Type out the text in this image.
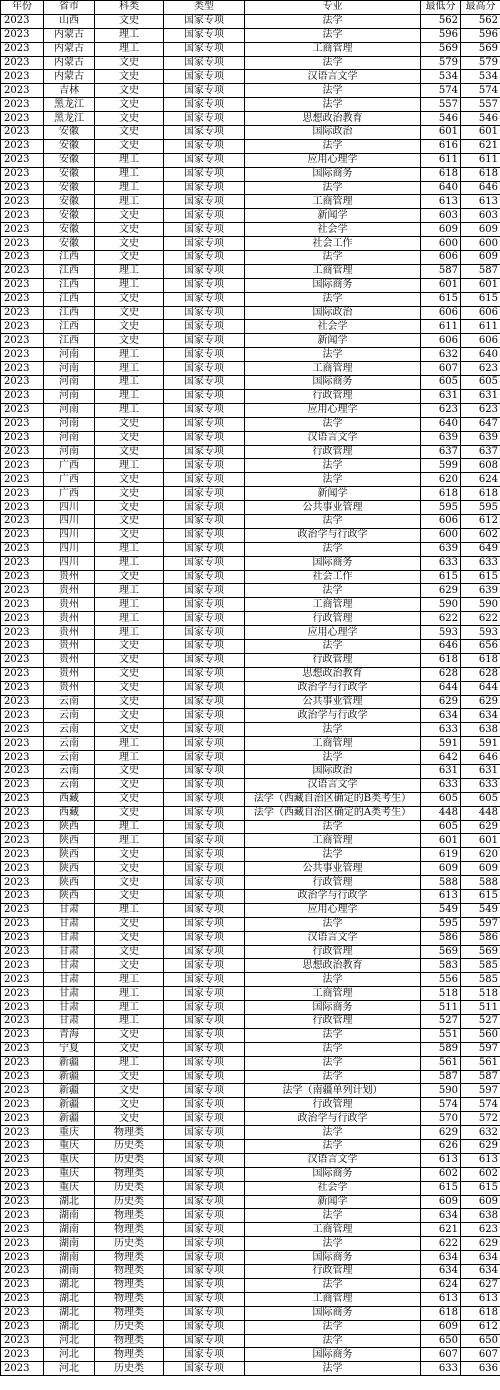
年份	省市	科类	类型	专业	最低分	最高分
2023	山西	文史	国家专项	法学	562	562
2023	内蒙古	理工	国家专项	法学	596	596
2023	内蒙古	理工	国家专项	工商管理	569	569
2023	内蒙古	文史	国家专项	法学	579	579
2023	内蒙古	文史	国家专项	汉语言文学	534	534
2023	吉林	文史	国家专项	法学	574	574
2023	黑龙江	文史	国家专项	法学	557	557
2023	黑龙江	文史	国家专项	思想政治教育	546	546
2023	安徽	文史	国家专项	国际政治	601	601
2023	安徽	文史	国家专项	法学	616	621
2023	安徽	理工	国家专项	应用心理学	611	611
2023	安徽	理工	国家专项	国际商务	618	618
2023	安徽	理工	国家专项	法学	640	646
2023	安徽	理工	国家专项	工商管理	613	613
2023	安徽	文史	国家专项	新闻学	603	603
2023	安徽	文史	国家专项	社会学	609	609
2023	安徽	文史	国家专项	社会工作	600	600
2023	江西	文史	国家专项	法学	606	609
2023	江西	理工	国家专项	工商管理	587	587
2023	江西	理工	国家专项	国际商务	601	601
2023	江西	文史	国家专项	法学	615	615
2023	江西	文史	国家专项	国际政治	606	606
2023	江西	文史	国家专项	社会学	611	611
2023	江西	文史	国家专项	新闻学	606	606
2023	河南	理工	国家专项	法学	632	640
2023	河南	理工	国家专项	工商管理	607	623
2023	河南	理工	国家专项	国际商务	605	605
2023	河南	理工	国家专项	行政管理	631	631
2023	河南	理工	国家专项	应用心理学	623	623
2023	河南	文史	国家专项	法学	640	647
2023	河南	文史	国家专项	汉语言文学	639	639
2023	河南	文史	国家专项	行政管理	637	637
2023	广西	理工	国家专项	法学	599	608
2023	广西	文史	国家专项	法学	620	624
2023	广西	文史	国家专项	新闻学	618	618
2023	四川	文史	国家专项	公共事业管理	595	595
2023	四川	文史	国家专项	法学	606	612
2023	四川	文史	国家专项	政治学与行政学	600	602
2023	四川	理工	国家专项	法学	639	649
2023	四川	理工	国家专项	国际商务	633	633
2023	贵州	文史	国家专项	社会工作	615	615
2023	贵州	理工	国家专项	法学	629	639
2023	贵州	理工	国家专项	工商管理	590	590
2023	贵州	理工	国家专项	行政管理	622	622
2023	贵州	理工	国家专项	应用心理学	593	593
2023	贵州	文史	国家专项	法学	646	656
2023	贵州	文史	国家专项	行政管理	618	618
2023	贵州	文史	国家专项	思想政治教育	628	628
2023	贵州	文史	国家专项	政治学与行政学	644	644
2023	云南	文史	国家专项	公共事业管理	629	629
2023	云南	文史	国家专项	政治学与行政学	634	634
2023	云南	文史	国家专项	法学	633	638
2023	云南	理工	国家专项	工商管理	591	591
2023	云南	理工	国家专项	法学	642	646
2023	云南	文史	国家专项	国际政治	631	631
2023	云南	文史	国家专项	汉语言文学	633	633
2023	西藏	文史	国家专项	法学（西藏自治区确定的B类考生）	605	605
2023	西藏	文史	国家专项	法学（西藏自治区确定的A类考生）	448	448
2023	陕西	理工	国家专项	法学	605	629
2023	陕西	理工	国家专项	工商管理	601	601
2023	陕西	文史	国家专项	法学	619	620
2023	陕西	文史	国家专项	公共事业管理	609	609
2023	陕西	文史	国家专项	行政管理	588	588
2023	陕西	文史	国家专项	政治学与行政学	613	615
2023	甘肃	理工	国家专项	应用心理学	549	549
2023	甘肃	文史	国家专项	法学	595	597
2023	甘肃	文史	国家专项	汉语言文学	586	586
2023	甘肃	文史	国家专项	行政管理	569	569
2023	甘肃	文史	国家专项	思想政治教育	583	585
2023	甘肃	理工	国家专项	法学	556	585
2023	甘肃	理工	国家专项	工商管理	518	518
2023	甘肃	理工	国家专项	国际商务	511	511
2023	甘肃	理工	国家专项	行政管理	527	527
2023	青海	文史	国家专项	法学	551	560
2023	宁夏	文史	国家专项	法学	589	597
2023	新疆	理工	国家专项	法学	561	561
2023	新疆	文史	国家专项	法学	587	587
2023	新疆	文史	国家专项	法学（南疆单列计划）	590	597
2023	新疆	文史	国家专项	行政管理	574	574
2023	新疆	文史	国家专项	政治学与行政学	570	572
2023	重庆	物理类	国家专项	法学	629	632
2023	重庆	历史类	国家专项	法学	626	629
2023	重庆	历史类	国家专项	汉语言文学	613	613
2023	重庆	物理类	国家专项	国际商务	602	602
2023	重庆	历史类	国家专项	社会学	615	615
2023	湖北	历史类	国家专项	新闻学	609	609
2023	湖南	物理类	国家专项	法学	634	638
2023	湖南	物理类	国家专项	工商管理	621	623
2023	湖南	历史类	国家专项	法学	622	629
2023	湖南	物理类	国家专项	国际商务	634	634
2023	湖南	物理类	国家专项	行政管理	634	634
2023	湖北	物理类	国家专项	法学	624	627
2023	湖北	物理类	国家专项	工商管理	613	613
2023	湖北	物理类	国家专项	国际商务	618	618
2023	湖北	历史类	国家专项	法学	609	612
2023	河北	物理类	国家专项	法学	650	650
2023	河北	物理类	国家专项	国际商务	607	607
2023	河北	历史类	国家专项	法学	633	636
